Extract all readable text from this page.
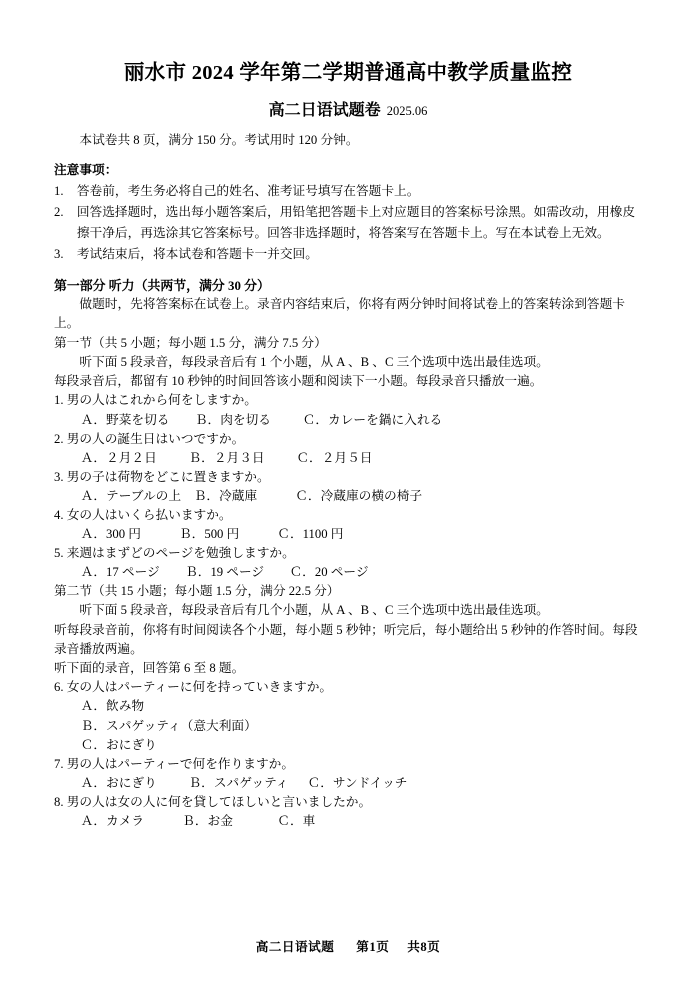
丽水市 2024 学年第二学期普通高中教学质量监控
高二日语试题卷 2025.06

本试卷共 8 页，满分 150 分。考试用时 120 分钟。

注意事项：

1. 答卷前，考生务必将自己的姓名、准考证号填写在答题卡上。
2. 回答选择题时，选出每小题答案后，用铅笔把答题卡上对应题目的答案标号涂黑。如需改动，用橡皮擦干净后，再选涂其它答案标号。回答非选择题时，将答案写在答题卡上。写在本试卷上无效。
3. 考试结束后，将本试卷和答题卡一并交回。

第一部分 听力（共两节，满分 30 分）

做题时，先将答案标在试卷上。录音内容结束后，你将有两分钟时间将试卷上的答案转涂到答题卡上。

第一节（共 5 小题；每小题 1.5 分，满分 7.5 分）

听下面 5 段录音，每段录音后有 1 个小题，从 A 、B 、C 三个选项中选出最佳选项。

每段录音后，都留有 10 秒钟的时间回答该小题和阅读下一小题。每段录音只播放一遍。

1. 男の人はこれから何をしますか。

Ａ．野菜を切る        Ｂ．肉を切る          Ｃ．カレーを鍋に入れる

2. 男の人の誕生日はいつですか。

Ａ．２月２日          Ｂ．２月３日          Ｃ．２月５日

3. 男の子は荷物をどこに置きますか。

Ａ．テーブルの上    Ｂ．冷蔵庫            Ｃ．冷蔵庫の横の椅子

4. 女の人はいくら払いますか。

Ａ．300 円            Ｂ．500 円            Ｃ．1100 円

5. 来週はまずどのページを勉強しますか。

Ａ．17 ページ        Ｂ．19 ページ        Ｃ．20 ページ

第二节（共 15 小题；每小题 1.5 分，满分 22.5 分）

听下面 5 段录音，每段录音后有几个小题，从 A 、B 、C 三个选项中选出最佳选项。

听每段录音前，你将有时间阅读各个小题，每小题 5 秒钟；听完后，每小题给出 5 秒钟的作答时间。每段录音播放两遍。

听下面的录音，回答第 6 至 8 题。

6. 女の人はパーティーに何を持っていきますか。

Ａ．飲み物

Ｂ．スパゲッティ（意大利面）

Ｃ．おにぎり

7. 男の人はパーティーで何を作りますか。

Ａ．おにぎり          Ｂ．スパゲッティ      Ｃ．サンドイッチ

8. 男の人は女の人に何を貸してほしいと言いましたか。

Ａ．カメラ            Ｂ．お金              Ｃ．車

高二日语试题 第1页 共8页
